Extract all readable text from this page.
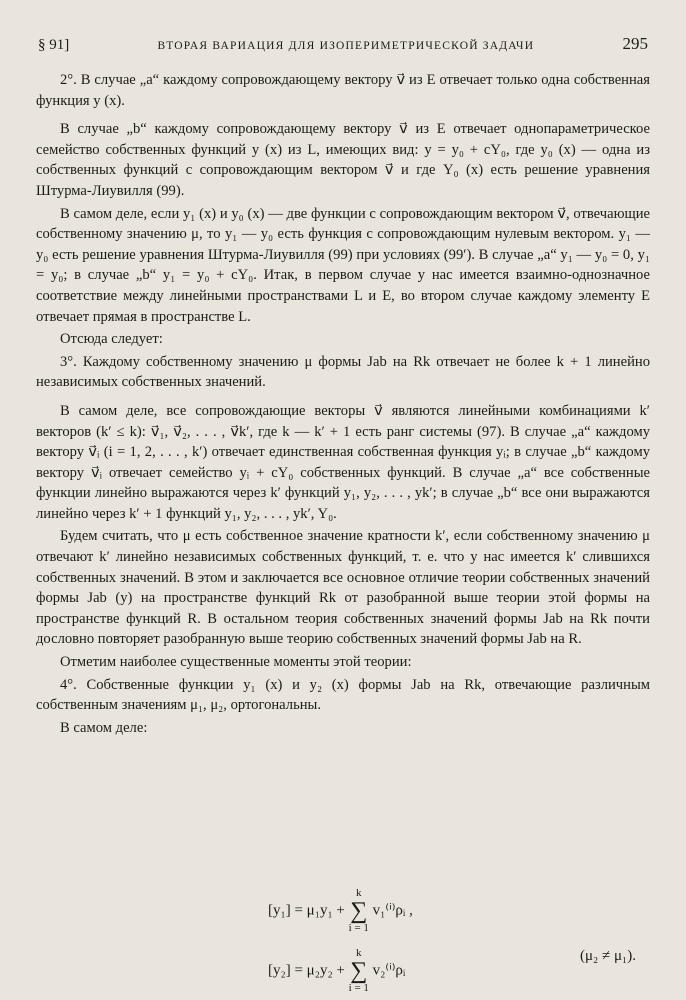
§ 91]	ВТОРАЯ ВАРИАЦИЯ ДЛЯ ИЗОПЕРИМЕТРИЧЕСКОЙ ЗАДАЧИ	295

2°. В случае „a“ каждому сопровождающему вектору v⃗ из E отвечает только одна собственная функция y (x).

В случае „b“ каждому сопровождающему вектору v⃗ из E отвечает однопараметрическое семейство собственных функций y (x) из L, имеющих вид: y = y₀ + cY₀, где y₀ (x) — одна из собственных функций с сопровождающим вектором v⃗ и где Y₀ (x) есть решение уравнения Штурма-Лиувилля (99).

В самом деле, если y₁ (x) и y₀ (x) — две функции с сопровождающим вектором v⃗, отвечающие собственному значению μ, то y₁ — y₀ есть функция с сопровождающим нулевым вектором. y₁ — y₀ есть решение уравнения Штурма-Лиувилля (99) при условиях (99′). В случае „a“ y₁ — y₀ = 0, y₁ = y₀; в случае „b“ y₁ = y₀ + cY₀. Итак, в первом случае у нас имеется взаимно-однозначное соответствие между линейными пространствами L и E, во втором случае каждому элементу E отвечает прямая в пространстве L.

Отсюда следует:

3°. Каждому собственному значению μ формы Jab на Rk отвечает не более k + 1 линейно независимых собственных значений.

В самом деле, все сопровождающие векторы v⃗ являются линейными комбинациями k′ векторов (k′ ≤ k): v⃗₁, v⃗₂, . . . , v⃗k′, где k — k′ + 1 есть ранг системы (97). В случае „a“ каждому вектору v⃗ᵢ (i = 1, 2, . . . , k′) отвечает единственная собственная функция yᵢ; в случае „b“ каждому вектору v⃗ᵢ отвечает семейство yᵢ + cY₀ собственных функций. В случае „a“ все собственные функции линейно выражаются через k′ функций y₁, y₂, . . . , yk′; в случае „b“ все они выражаются линейно через k′ + 1 функций y₁, y₂, . . . , yk′, Y₀.

Будем считать, что μ есть собственное значение кратности k′, если собственному значению μ отвечают k′ линейно независимых собственных функций, т. е. что у нас имеется k′ слившихся собственных значений. В этом и заключается все основное отличие теории собственных значений формы Jab (y) на пространстве функций Rk от разобранной выше теории этой формы на пространстве функций R. В остальном теория собственных значений формы Jab на Rk почти дословно повторяет разобранную выше теорию собственных значений формы Jab на R.

Отметим наиболее существенные моменты этой теории:

4°. Собственные функции y₁ (x) и y₂ (x) формы Jab на Rk, отвечающие различным собственным значениям μ₁, μ₂, ортогональны.

В самом деле:

[y₁] = μ₁y₁ + k
∑
i = 1 v₁⁽ⁱ⁾ρᵢ ,
[y₂] = μ₂y₂ + k
∑
i = 1 v₂⁽ⁱ⁾ρᵢ
(μ₂ ≠ μ₁).
